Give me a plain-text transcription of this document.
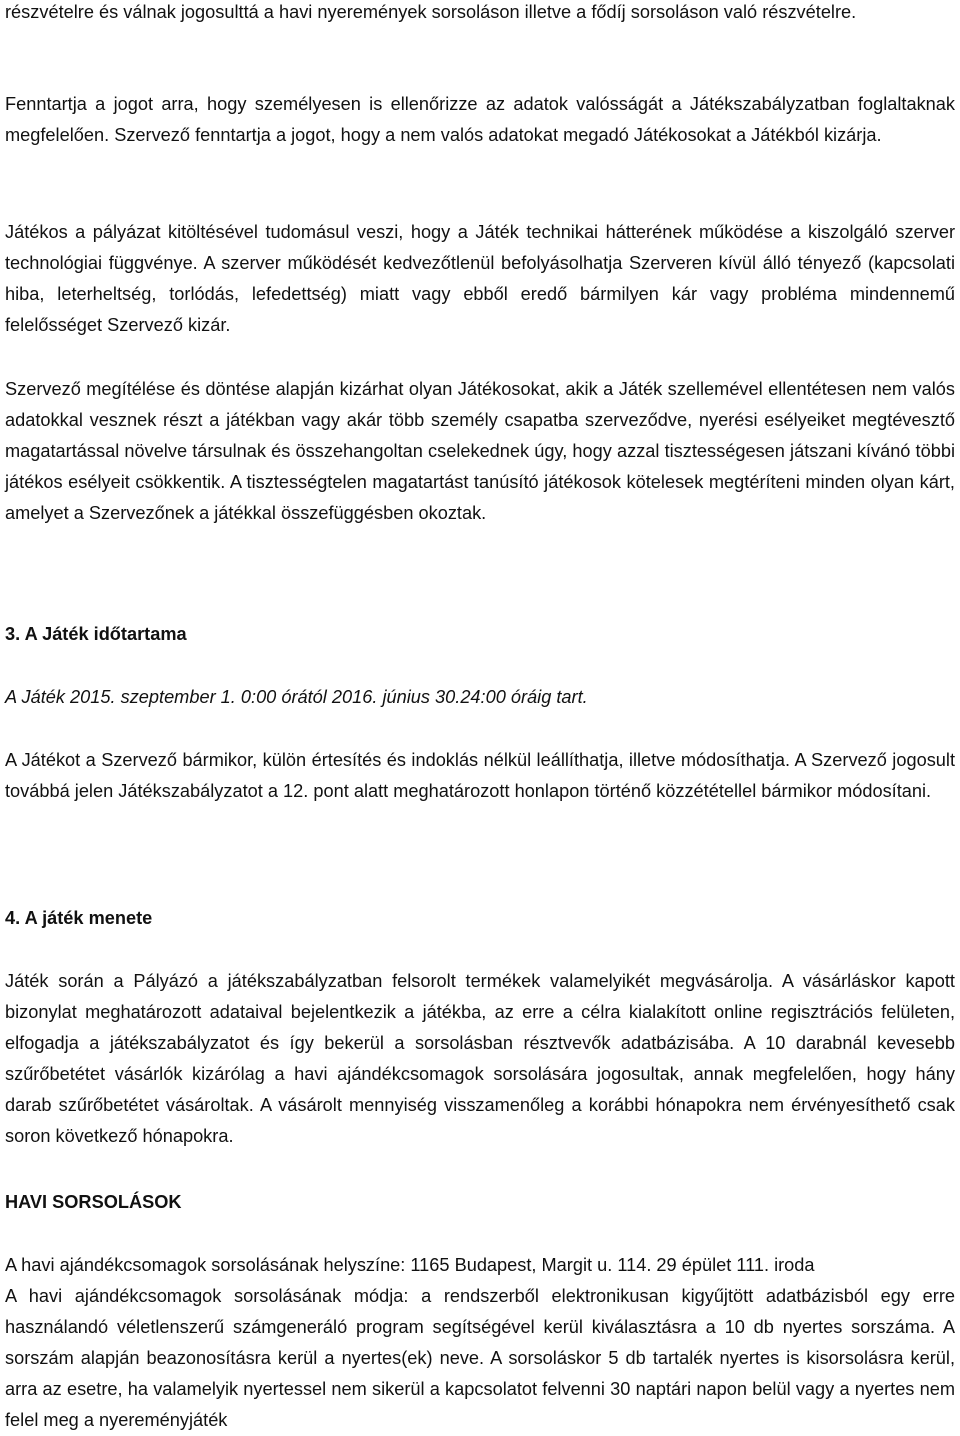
részvételre és válnak jogosulttá a havi nyeremények sorsoláson illetve a fődíj sorsoláson való részvételre.

Fenntartja a jogot arra, hogy személyesen is ellenőrizze az adatok valósságát a Játékszabályzatban foglaltaknak megfelelően. Szervező fenntartja a jogot, hogy a nem valós adatokat megadó Játékosokat a Játékból kizárja.

Játékos a pályázat kitöltésével tudomásul veszi, hogy a Játék technikai hátterének működése a kiszolgáló szerver technológiai függvénye. A szerver működését kedvezőtlenül befolyásolhatja Szerveren kívül álló tényező (kapcsolati hiba, leterheltség, torlódás, lefedettség) miatt vagy ebből eredő bármilyen kár vagy probléma mindennemű felelősséget Szervező kizár.

Szervező megítélése és döntése alapján kizárhat olyan Játékosokat, akik a Játék szellemével ellentétesen nem valós adatokkal vesznek részt a játékban vagy akár több személy csapatba szerveződve, nyerési esélyeiket megtévesztő magatartással növelve társulnak és összehangoltan cselekednek úgy, hogy azzal tisztességesen játszani kívánó többi játékos esélyeit csökkentik. A tisztességtelen magatartást tanúsító játékosok kötelesek megtéríteni minden olyan kárt, amelyet a Szervezőnek a játékkal összefüggésben okoztak.

3. A Játék időtartama

A Játék 2015. szeptember 1. 0:00 órától 2016. június 30.24:00 óráig tart.

A Játékot a Szervező bármikor, külön értesítés és indoklás nélkül leállíthatja, illetve módosíthatja. A Szervező jogosult továbbá jelen Játékszabályzatot a 12. pont alatt meghatározott honlapon történő közzététellel bármikor módosítani.

4. A játék menete

Játék során a Pályázó a játékszabályzatban felsorolt termékek valamelyikét megvásárolja. A vásárláskor kapott bizonylat meghatározott adataival bejelentkezik a játékba, az erre a célra kialakított online regisztrációs felületen, elfogadja a játékszabályzatot és így bekerül a sorsolásban résztvevők adatbázisába. A 10 darabnál kevesebb szűrőbetétet vásárlók kizárólag a havi ajándékcsomagok sorsolására jogosultak, annak megfelelően, hogy hány darab szűrőbetétet vásároltak. A vásárolt mennyiség visszamenőleg a korábbi hónapokra nem érvényesíthető csak soron következő hónapokra.

HAVI SORSOLÁSOK

A havi ajándékcsomagok sorsolásának helyszíne: 1165 Budapest, Margit u. 114. 29 épület 111. iroda

A havi ajándékcsomagok sorsolásának módja: a rendszerből elektronikusan kigyűjtött adatbázisból egy erre használandó véletlenszerű számgeneráló program segítségével kerül kiválasztásra a 10 db nyertes sorszáma. A sorszám alapján beazonosításra kerül a nyertes(ek) neve. A sorsoláskor 5 db tartalék nyertes is kisorsolásra kerül, arra az esetre, ha valamelyik nyertessel nem sikerül a kapcsolatot felvenni 30 naptári napon belül vagy a nyertes nem felel meg a nyereményjáték
